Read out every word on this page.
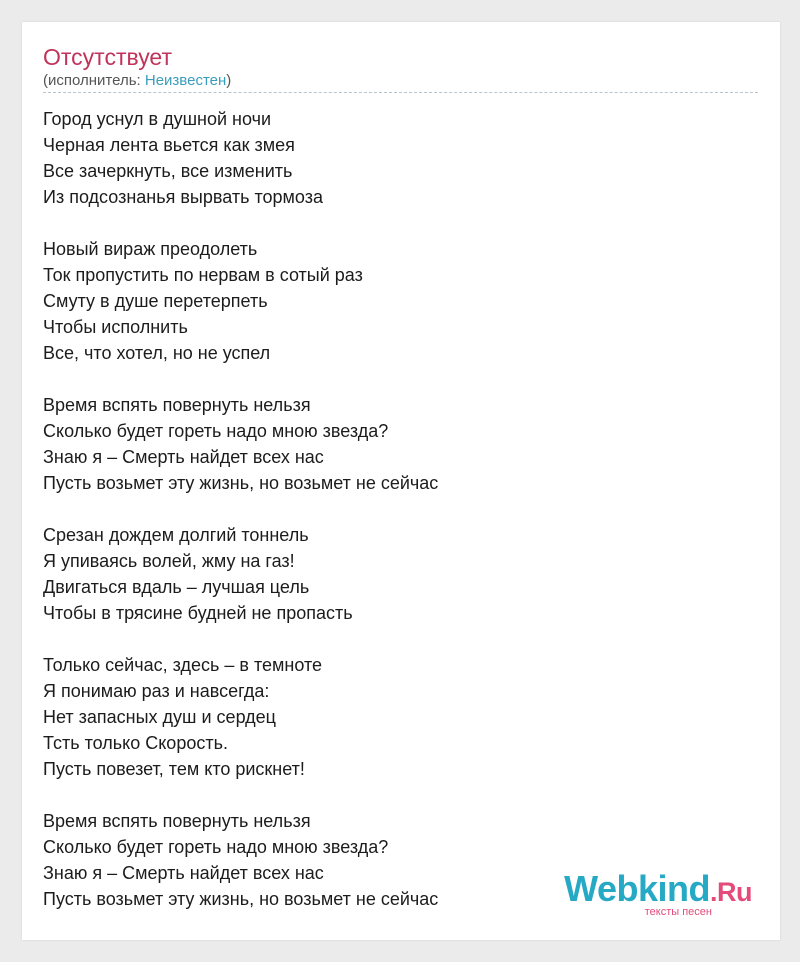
Отсутствует
(исполнитель: Неизвестен)
Город уснул в душной ночи
Черная лента вьется как змея
Все зачеркнуть, все изменить
Из подсознанья вырвать тормоза
Новый вираж преодолеть
Ток пропустить по нервам в сотый раз
Смуту в душе перетерпеть
Чтобы исполнить
Все, что хотел, но не успел
Время вспять повернуть нельзя
Сколько будет гореть надо мною звезда?
Знаю я – Смерть найдет всех нас
Пусть возьмет эту жизнь, но возьмет не сейчас
Срезан дождем долгий тоннель
Я упиваясь волей, жму на газ!
Двигаться вдаль – лучшая цель
Чтобы в трясине будней не пропасть
Только сейчас, здесь – в темноте
Я понимаю раз и навсегда:
Нет запасных душ и сердец
Тсть только Скорость.
Пусть повезет, тем кто рискнет!
Время вспять повернуть нельзя
Сколько будет гореть надо мною звезда?
Знаю я – Смерть найдет всех нас
Пусть возьмет эту жизнь, но возьмет не сейчас	Webkind.Ru
тексты песен
